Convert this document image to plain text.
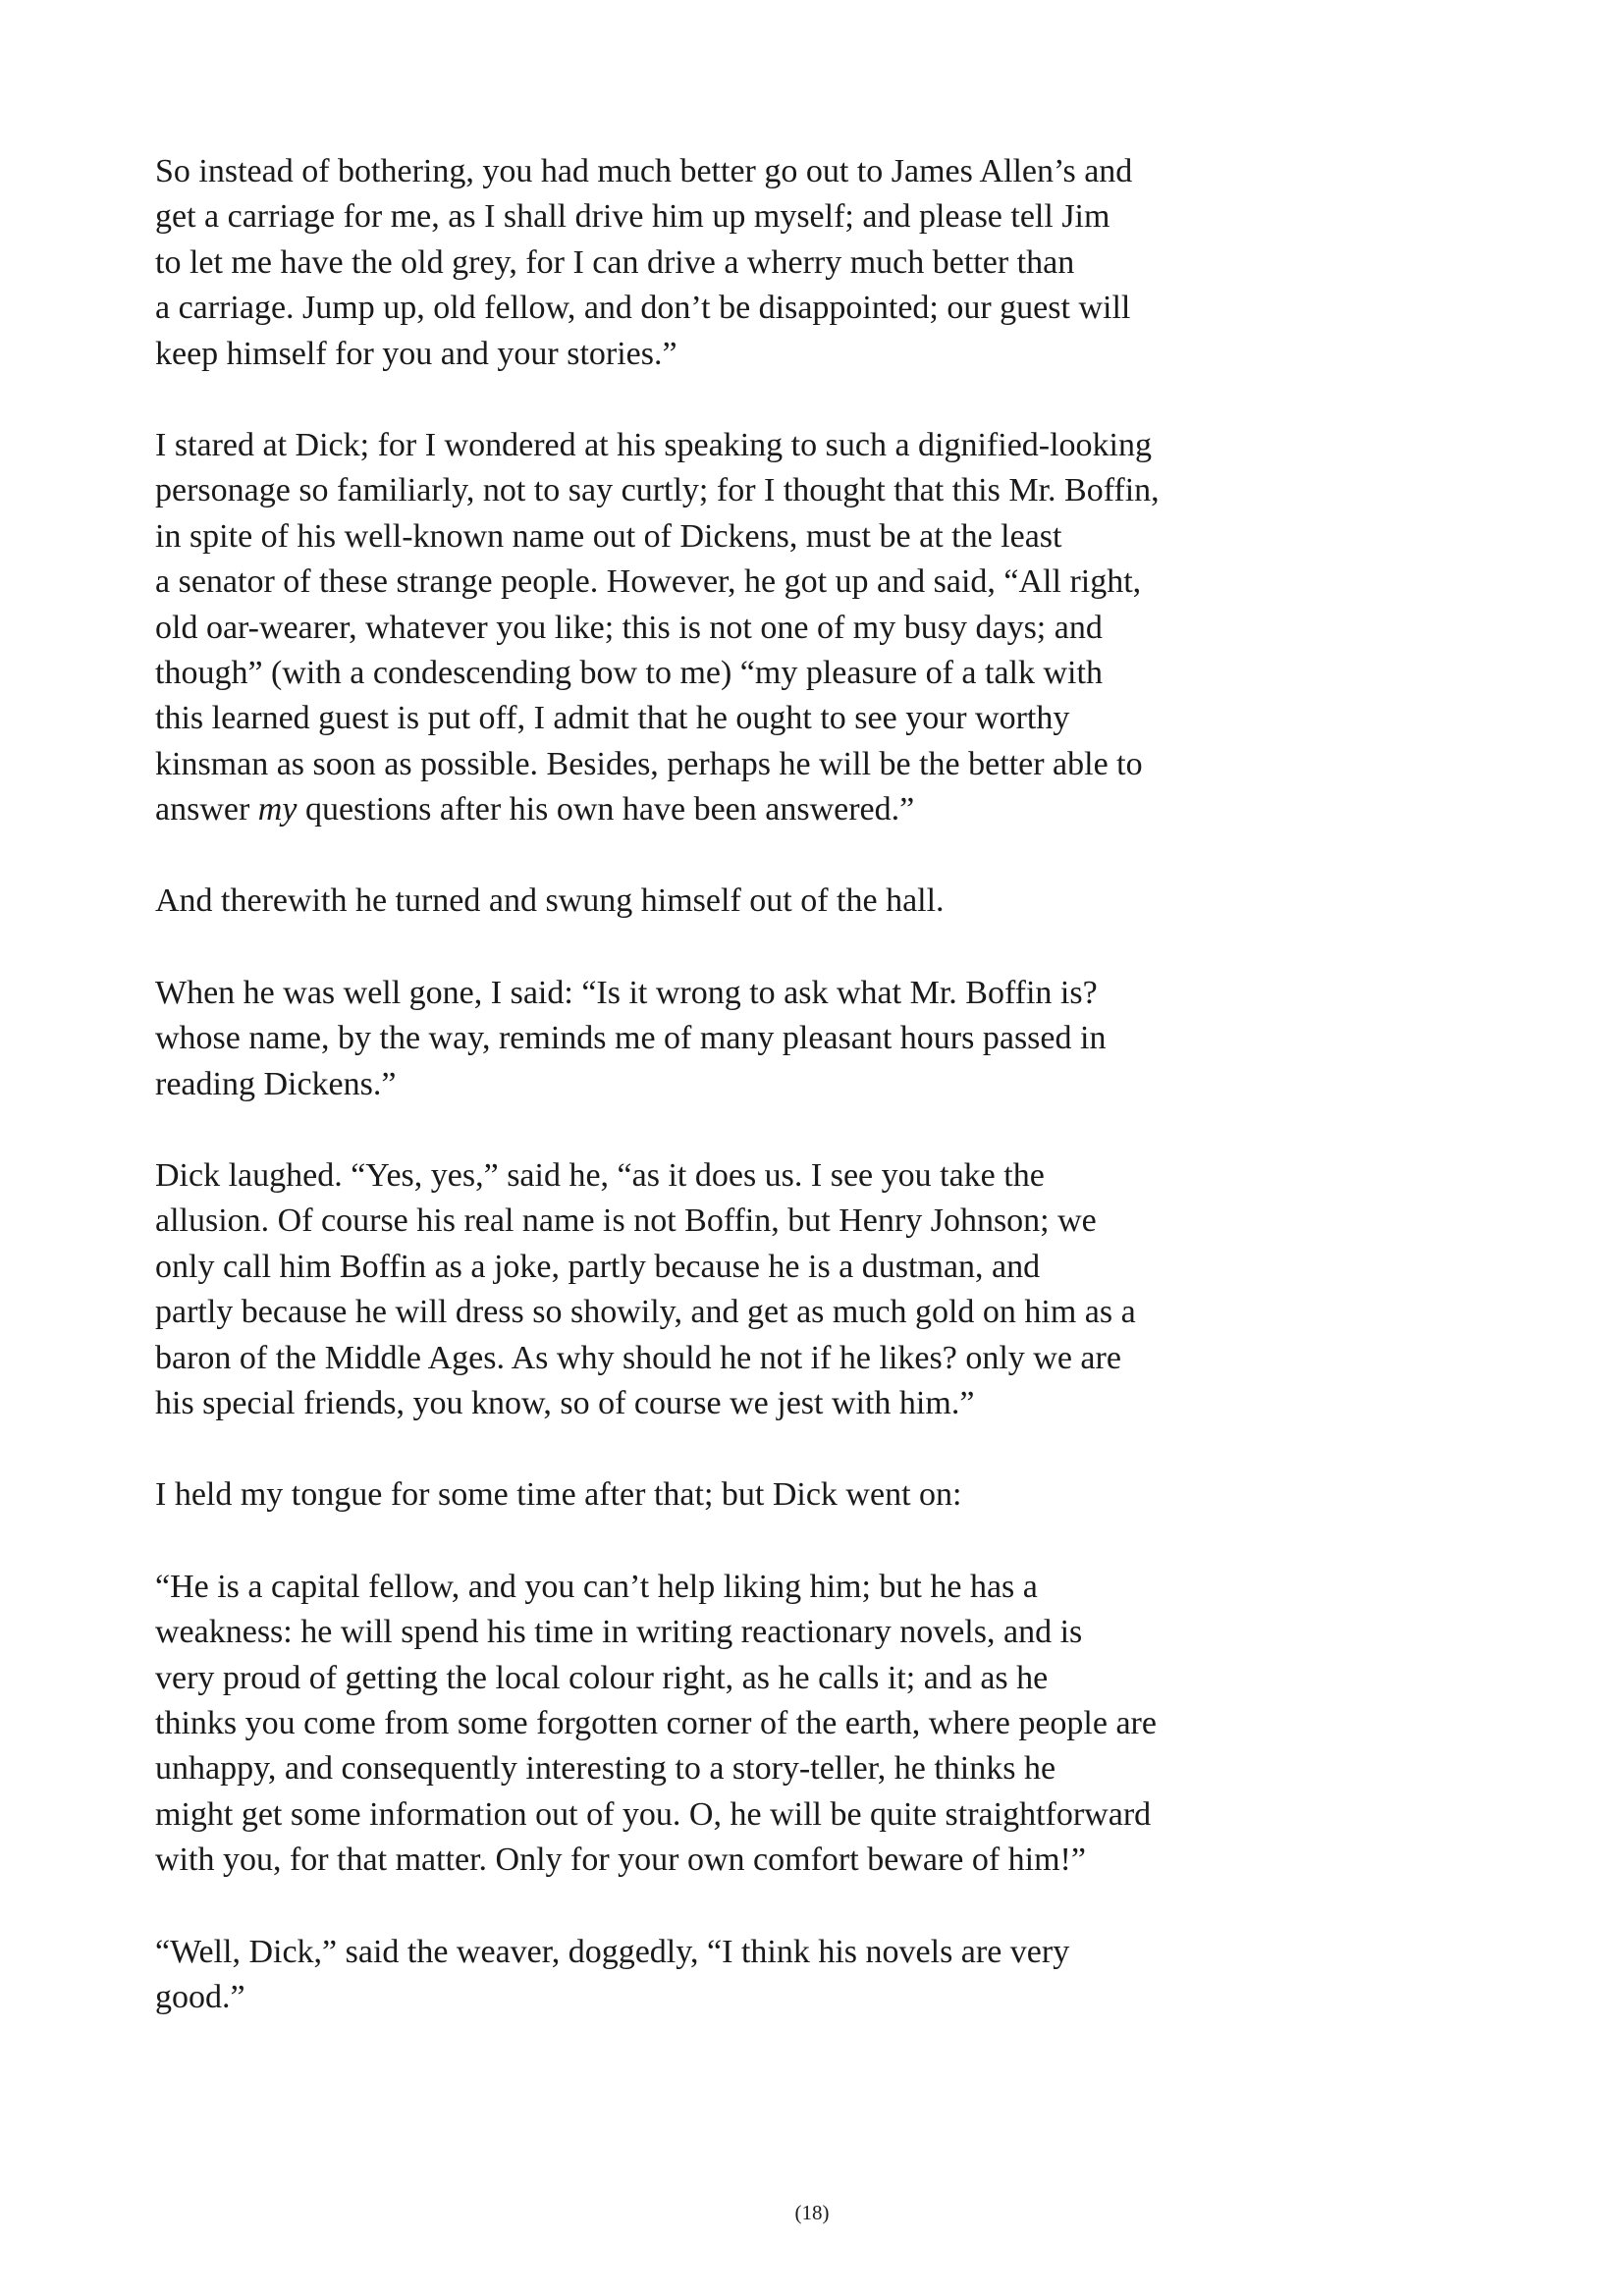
So instead of bothering, you had much better go out to James Allen’s and
get a carriage for me, as I shall drive him up myself; and please tell Jim
to let me have the old grey, for I can drive a wherry much better than
a carriage. Jump up, old fellow, and don’t be disappointed; our guest will
keep himself for you and your stories.”

I stared at Dick; for I wondered at his speaking to such a dignified-looking
personage so familiarly, not to say curtly; for I thought that this Mr. Boffin,
in spite of his well-known name out of Dickens, must be at the least
a senator of these strange people. However, he got up and said, “All right,
old oar-wearer, whatever you like; this is not one of my busy days; and
though” (with a condescending bow to me) “my pleasure of a talk with
this learned guest is put off, I admit that he ought to see your worthy
kinsman as soon as possible. Besides, perhaps he will be the better able to
answer my questions after his own have been answered.”

And therewith he turned and swung himself out of the hall.

When he was well gone, I said: “Is it wrong to ask what Mr. Boffin is?
whose name, by the way, reminds me of many pleasant hours passed in
reading Dickens.”

Dick laughed. “Yes, yes,” said he, “as it does us. I see you take the
allusion. Of course his real name is not Boffin, but Henry Johnson; we
only call him Boffin as a joke, partly because he is a dustman, and
partly because he will dress so showily, and get as much gold on him as a
baron of the Middle Ages. As why should he not if he likes? only we are
his special friends, you know, so of course we jest with him.”

I held my tongue for some time after that; but Dick went on:

“He is a capital fellow, and you can’t help liking him; but he has a
weakness: he will spend his time in writing reactionary novels, and is
very proud of getting the local colour right, as he calls it; and as he
thinks you come from some forgotten corner of the earth, where people are
unhappy, and consequently interesting to a story-teller, he thinks he
might get some information out of you. O, he will be quite straightforward
with you, for that matter. Only for your own comfort beware of him!”

“Well, Dick,” said the weaver, doggedly, “I think his novels are very
good.”

(18)
